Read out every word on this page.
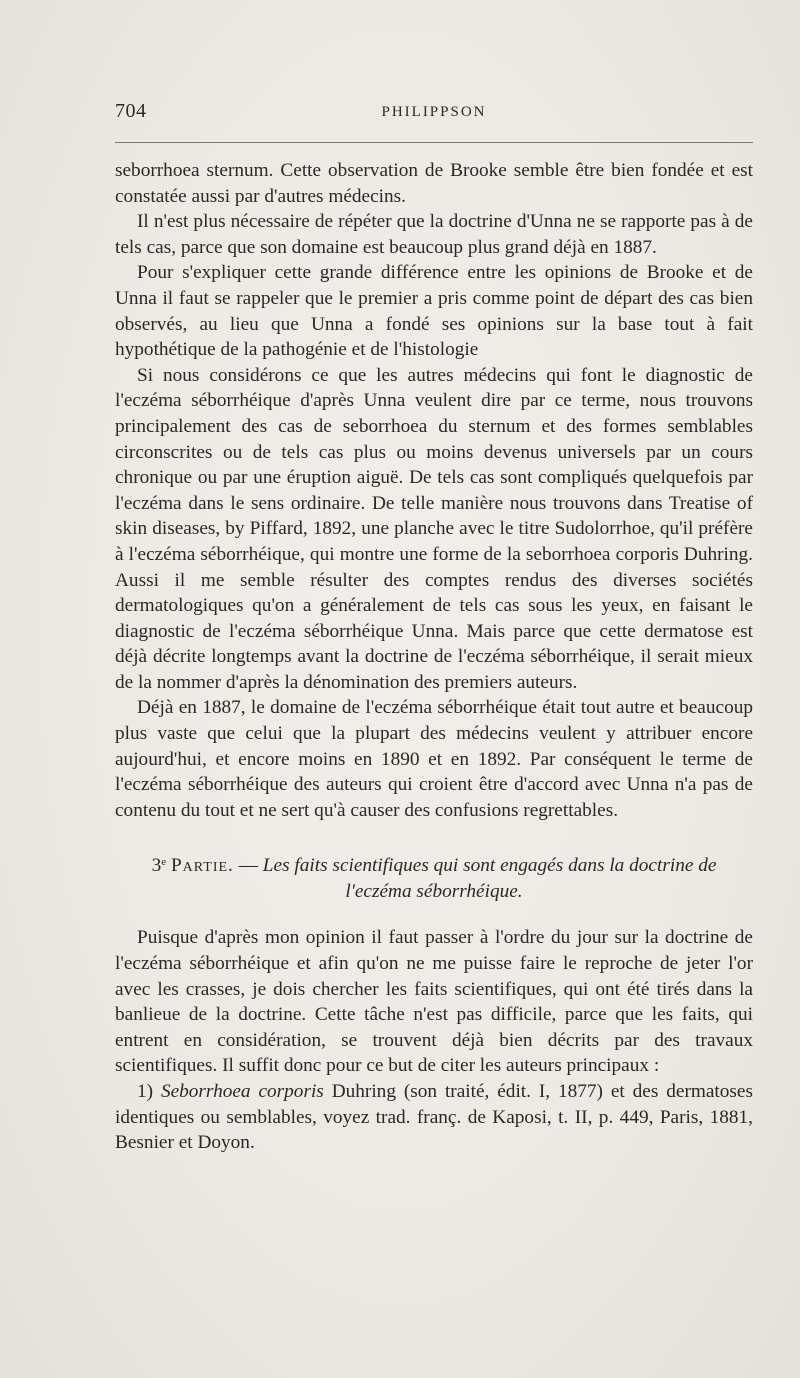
704	PHILIPPSON

seborrhoea sternum. Cette observation de Brooke semble être bien fondée et est constatée aussi par d'autres médecins.

Il n'est plus nécessaire de répéter que la doctrine d'Unna ne se rapporte pas à de tels cas, parce que son domaine est beaucoup plus grand déjà en 1887.

Pour s'expliquer cette grande différence entre les opinions de Brooke et de Unna il faut se rappeler que le premier a pris comme point de départ des cas bien observés, au lieu que Unna a fondé ses opinions sur la base tout à fait hypothétique de la pathogénie et de l'histologie

Si nous considérons ce que les autres médecins qui font le diagnostic de l'eczéma séborrhéique d'après Unna veulent dire par ce terme, nous trouvons principalement des cas de seborrhoea du sternum et des formes semblables circonscrites ou de tels cas plus ou moins devenus universels par un cours chronique ou par une éruption aiguë. De tels cas sont compliqués quelquefois par l'eczéma dans le sens ordinaire. De telle manière nous trouvons dans Treatise of skin diseases, by Piffard, 1892, une planche avec le titre Sudolorrhoe, qu'il préfère à l'eczéma séborrhéique, qui montre une forme de la seborrhoea corporis Duhring. Aussi il me semble résulter des comptes rendus des diverses sociétés dermatologiques qu'on a généralement de tels cas sous les yeux, en faisant le diagnostic de l'eczéma séborrhéique Unna. Mais parce que cette dermatose est déjà décrite longtemps avant la doctrine de l'eczéma séborrhéique, il serait mieux de la nommer d'après la dénomination des premiers auteurs.

Déjà en 1887, le domaine de l'eczéma séborrhéique était tout autre et beaucoup plus vaste que celui que la plupart des médecins veulent y attribuer encore aujourd'hui, et encore moins en 1890 et en 1892. Par conséquent le terme de l'eczéma séborrhéique des auteurs qui croient être d'accord avec Unna n'a pas de contenu du tout et ne sert qu'à causer des confusions regrettables.

3e Partie. — Les faits scientifiques qui sont engagés dans la doctrine de l'eczéma séborrhéique.

Puisque d'après mon opinion il faut passer à l'ordre du jour sur la doctrine de l'eczéma séborrhéique et afin qu'on ne me puisse faire le reproche de jeter l'or avec les crasses, je dois chercher les faits scientifiques, qui ont été tirés dans la banlieue de la doctrine. Cette tâche n'est pas difficile, parce que les faits, qui entrent en considération, se trouvent déjà bien décrits par des travaux scientifiques. Il suffit donc pour ce but de citer les auteurs principaux :

1) Seborrhoea corporis Duhring (son traité, édit. I, 1877) et des dermatoses identiques ou semblables, voyez trad. franç. de Kaposi, t. II, p. 449, Paris, 1881, Besnier et Doyon.
